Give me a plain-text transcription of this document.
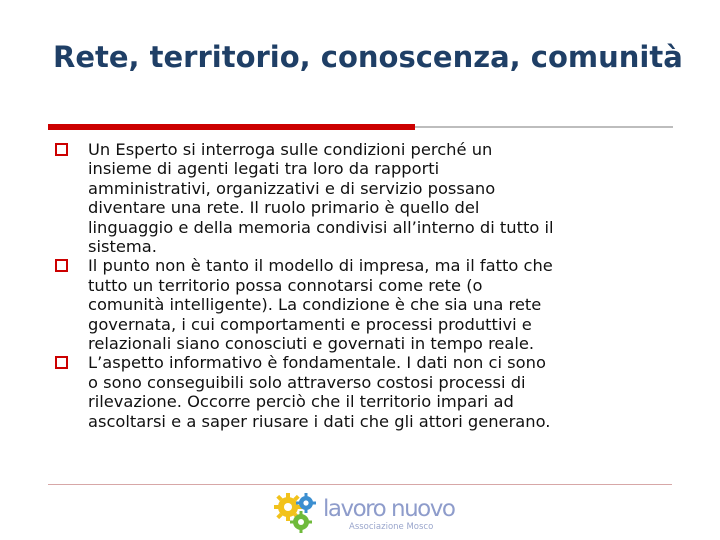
Rete, territorio, conoscenza, comunità
Un Esperto si interroga sulle condizioni perché un
insieme di agenti legati tra loro da rapporti
amministrativi, organizzativi e di servizio possano
diventare una rete. Il ruolo primario è quello del
linguaggio e della memoria condivisi all’interno di tutto il
sistema.
Il punto non è tanto il modello di impresa, ma il fatto che
tutto un territorio possa connotarsi come rete (o
comunità intelligente). La condizione è che sia una rete
governata, i cui comportamenti e processi produttivi e
relazionali siano conosciuti e governati in tempo reale.
L’aspetto informativo è fondamentale. I dati non ci sono
o sono conseguibili solo attraverso costosi processi di
rilevazione. Occorre perciò che il territorio impari ad
ascoltarsi e a saper riusare i dati che gli attori generano.
lavoro nuovo
Associazione Mosco
